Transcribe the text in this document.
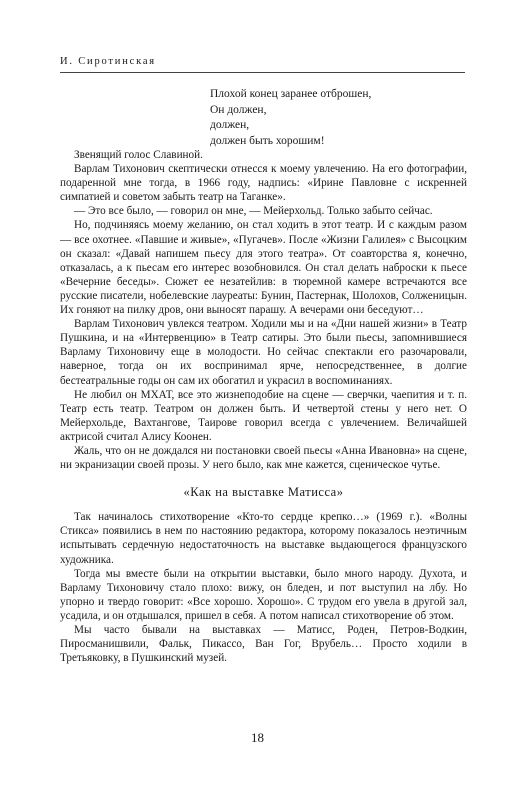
И. Сиротинская
Плохой конец заранее отброшен,
Он должен,
должен,
должен быть хорошим!

Звенящий голос Славиной.

Варлам Тихонович скептически отнесся к моему увлечению. На его фотографии, подаренной мне тогда, в 1966 году, надпись: «Ирине Павловне с искренней симпатией и советом забыть театр на Таганке».

— Это все было, — говорил он мне, — Мейерхольд. Только забыто сейчас.

Но, подчиняясь моему желанию, он стал ходить в этот театр. И с каждым разом — все охотнее. «Павшие и живые», «Пугачев». После «Жизни Галилея» с Высоцким он сказал: «Давай напишем пьесу для этого театра». От соавторства я, конечно, отказалась, а к пьесам его интерес возобновился. Он стал делать наброски к пьесе «Вечерние беседы». Сюжет ее незатейлив: в тюремной камере встречаются все русские писатели, нобелевские лауреаты: Бунин, Пастернак, Шолохов, Солженицын. Их гоняют на пилку дров, они выносят парашу. А вечерами они беседуют…

Варлам Тихонович увлекся театром. Ходили мы и на «Дни нашей жизни» в Театр Пушкина, и на «Интервенцию» в Театр сатиры. Это были пьесы, запомнившиеся Варламу Тихоновичу еще в молодости. Но сейчас спектакли его разочаровали, наверное, тогда он их воспринимал ярче, непосредственнее, в долгие бестеатральные годы он сам их обогатил и украсил в воспоминаниях.

Не любил он МХАТ, все это жизнеподобие на сцене — сверчки, чаепития и т. п. Театр есть театр. Театром он должен быть. И четвертой стены у него нет. О Мейерхольде, Вахтангове, Таирове говорил всегда с увлечением. Величайшей актрисой считал Алису Коонен.

Жаль, что он не дождался ни постановки своей пьесы «Анна Ивановна» на сцене, ни экранизации своей прозы. У него было, как мне кажется, сценическое чутье.

«Как на выставке Матисса»

Так начиналось стихотворение «Кто-то сердце крепко…» (1969 г.). «Волны Стикса» появились в нем по настоянию редактора, которому показалось неэтичным испытывать сердечную недостаточность на выставке выдающегося французского художника.

Тогда мы вместе были на открытии выставки, было много народу. Духота, и Варламу Тихоновичу стало плохо: вижу, он бледен, и пот выступил на лбу. Но упорно и твердо говорит: «Все хорошо. Хорошо». С трудом его увела в другой зал, усадила, и он отдышался, пришел в себя. А потом написал стихотворение об этом.

Мы часто бывали на выставках — Матисс, Роден, Петров-Водкин, Пиросманишвили, Фальк, Пикассо, Ван Гог, Врубель… Просто ходили в Третьяковку, в Пушкинский музей.

18
